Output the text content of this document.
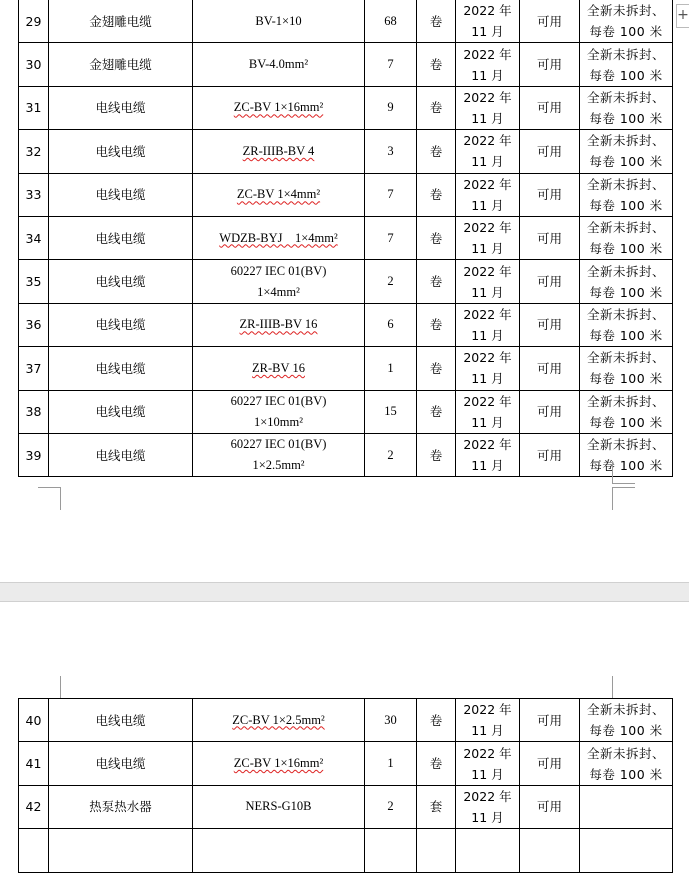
29	金翅雕电缆	BV-1×10	68	卷	2022 年
11 月	可用	全新未拆封、
每卷 100 米
30	金翅雕电缆	BV-4.0mm²	7	卷	2022 年
11 月	可用	全新未拆封、
每卷 100 米
31	电线电缆	ZC-BV 1×16mm²	9	卷	2022 年
11 月	可用	全新未拆封、
每卷 100 米
32	电线电缆	ZR-IIIB-BV 4	3	卷	2022 年
11 月	可用	全新未拆封、
每卷 100 米
33	电线电缆	ZC-BV 1×4mm²	7	卷	2022 年
11 月	可用	全新未拆封、
每卷 100 米
34	电线电缆	WDZB-BYJ　1×4mm²	7	卷	2022 年
11 月	可用	全新未拆封、
每卷 100 米
35	电线电缆	60227 IEC 01(BV)
1×4mm²	2	卷	2022 年
11 月	可用	全新未拆封、
每卷 100 米
36	电线电缆	ZR-IIIB-BV 16	6	卷	2022 年
11 月	可用	全新未拆封、
每卷 100 米
37	电线电缆	ZR-BV 16	1	卷	2022 年
11 月	可用	全新未拆封、
每卷 100 米
38	电线电缆	60227 IEC 01(BV)
1×10mm²	15	卷	2022 年
11 月	可用	全新未拆封、
每卷 100 米
39	电线电缆	60227 IEC 01(BV)
1×2.5mm²	2	卷	2022 年
11 月	可用	全新未拆封、
每卷 100 米
+
40	电线电缆	ZC-BV 1×2.5mm²	30	卷	2022 年
11 月	可用	全新未拆封、
每卷 100 米
41	电线电缆	ZC-BV 1×16mm²	1	卷	2022 年
11 月	可用	全新未拆封、
每卷 100 米
42	热泵热水器	NERS-G10B	2	套	2022 年
11 月	可用	
